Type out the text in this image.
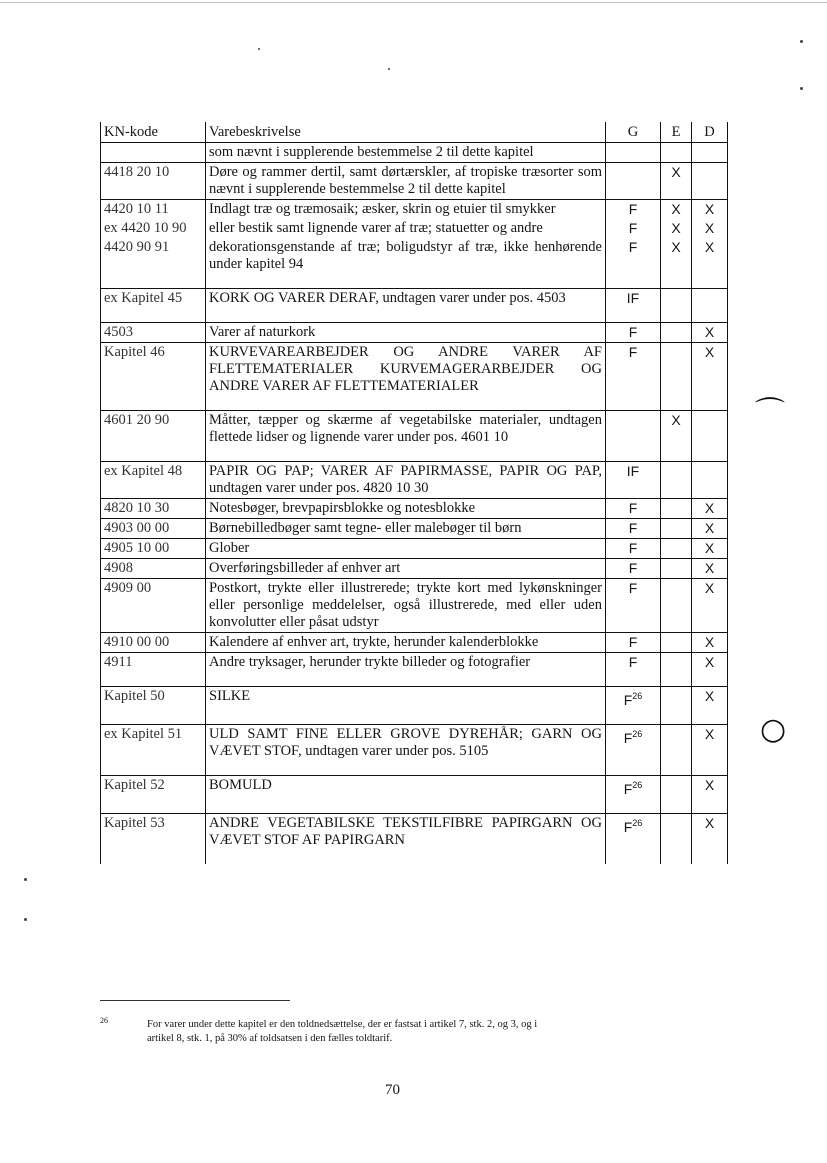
⌒
○
KN-kode	Varebeskrivelse	G	E	D
	som nævnt i supplerende bestemmelse 2 til dette kapitel			
4418 20 10	Døre og rammer dertil, samt dørtærskler, af tropiske træsorter som nævnt i supplerende bestemmelse 2 til dette kapitel		X	
4420 10 11	Indlagt træ og træmosaik; æsker, skrin og etuier til smykker	F	X	X
ex 4420 10 90	eller bestik samt lignende varer af træ; statuetter og andre	F	X	X
4420 90 91	dekorationsgenstande af træ; boligudstyr af træ, ikke henhørende under kapitel 94	F	X	X

ex Kapitel 45	KORK OG VARER DERAF, undtagen varer under pos. 4503	IF		

4503	Varer af naturkork	F		X
Kapitel 46	KURVEVAREARBEJDER OG ANDRE VARER AF FLETTEMATERIALER KURVEMAGERARBEJDER OG ANDRE VARER AF FLETTEMATERIALER	F		X

4601 20 90	Måtter, tæpper og skærme af vegetabilske materialer, undtagen flettede lidser og lignende varer under pos. 4601 10		X	

ex Kapitel 48	PAPIR OG PAP; VARER AF PAPIRMASSE, PAPIR OG PAP, undtagen varer under pos. 4820 10 30	IF		
4820 10 30	Notesbøger, brevpapirsblokke og notesblokke	F		X
4903 00 00	Børnebilledbøger samt tegne- eller malebøger til børn	F		X
4905 10 00	Glober	F		X
4908	Overføringsbilleder af enhver art	F		X
4909 00	Postkort, trykte eller illustrerede; trykte kort med lykønskninger eller personlige meddelelser, også illustrerede, med eller uden konvolutter eller påsat udstyr	F		X
4910 00 00	Kalendere af enhver art, trykte, herunder kalenderblokke	F		X
4911	Andre tryksager, herunder trykte billeder og fotografier	F		X

Kapitel 50	SILKE	F$^{26}$		X

ex Kapitel 51	ULD SAMT FINE ELLER GROVE DYREHÅR; GARN OG VÆVET STOF, undtagen varer under pos. 5105	F$^{26}$		X

Kapitel 52	BOMULD	F$^{26}$		X

Kapitel 53	ANDRE VEGETABILSKE TEKSTILFIBRE PAPIRGARN OG VÆVET STOF AF PAPIRGARN	F$^{26}$		X

26	For varer under dette kapitel er den toldnedsættelse, der er fastsat i artikel 7, stk. 2, og 3, og i
artikel 8, stk. 1, på 30% af toldsatsen i den fælles toldtarif.
70
